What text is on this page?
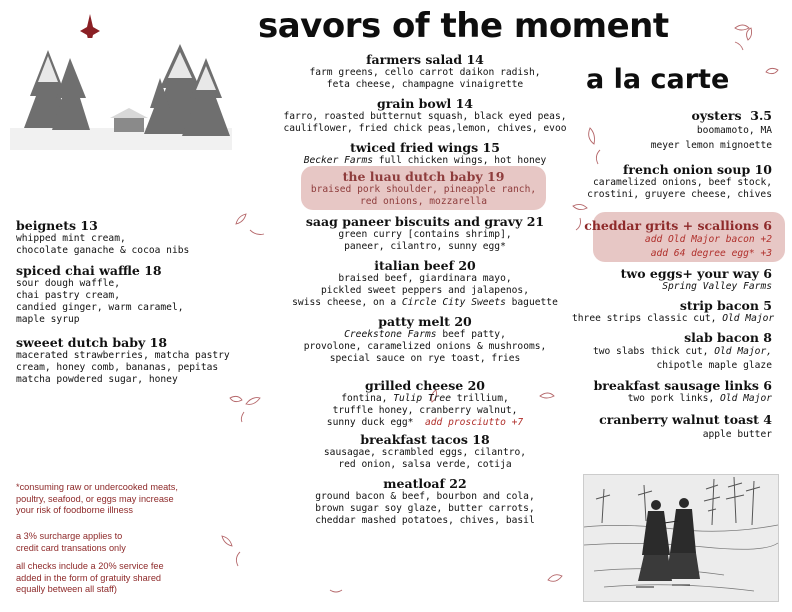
savors of the moment
a la carte
farmers salad 14
farm greens, cello carrot daikon radish,
feta cheese, champagne vinaigrette
grain bowl 14
farro, roasted butternut squash, black eyed peas,
cauliflower, fried chick peas,lemon, chives, evoo
twiced fried wings 15
Becker Farms full chicken wings, hot honey
the luau dutch baby 19
braised pork shoulder, pineapple ranch,
red onions, mozzarella
saag paneer biscuits and gravy 21
green curry [contains shrimp],
paneer, cilantro, sunny egg*
italian beef 20
braised beef, giardinara mayo,
pickled sweet peppers and jalapenos,
swiss cheese, on a Circle City Sweets baguette
patty melt 20
Creekstone Farms beef patty,
provolone, caramelized onions & mushrooms,
special sauce on rye toast, fries
grilled cheese 20
fontina, Tulip Tree trillium,
truffle honey, cranberry walnut,
sunny duck egg* add prosciutto +7
breakfast tacos 18
sausagae, scrambled eggs, cilantro,
red onion, salsa verde, cotija
meatloaf 22
ground bacon & beef, bourbon and cola,
brown sugar soy glaze, butter carrots,
cheddar mashed potatoes, chives, basil
beignets 13
whipped mint cream,
chocolate ganache & cocoa nibs
spiced chai waffle 18
sour dough waffle,
chai pastry cream,
candied ginger, warm caramel,
maple syrup
sweeet dutch baby 18
macerated strawberries, matcha pastry
cream, honey comb, bananas, pepitas
matcha powdered sugar, honey
oysters 3.5
boomamoto, MA
meyer lemon mignoette
french onion soup 10
caramelized onions, beef stock,
crostini, gruyere cheese, chives
cheddar grits + scallions 6
add Old Major bacon +2
add 64 degree egg* +3
two eggs+ your way 6
Spring Valley Farms
strip bacon 5
three strips classic cut, Old Major
slab bacon 8
two slabs thick cut, Old Major,
chipotle maple glaze
breakfast sausage links 6
two pork links, Old Major
cranberry walnut toast 4
apple butter
*consuming raw or undercooked meats,
poultry, seafood, or eggs may increase
your risk of foodborne illness
a 3% surcharge applies to
credit card transations only
all checks include a 20% service fee
added in the form of gratuity shared
equally between all staff)
